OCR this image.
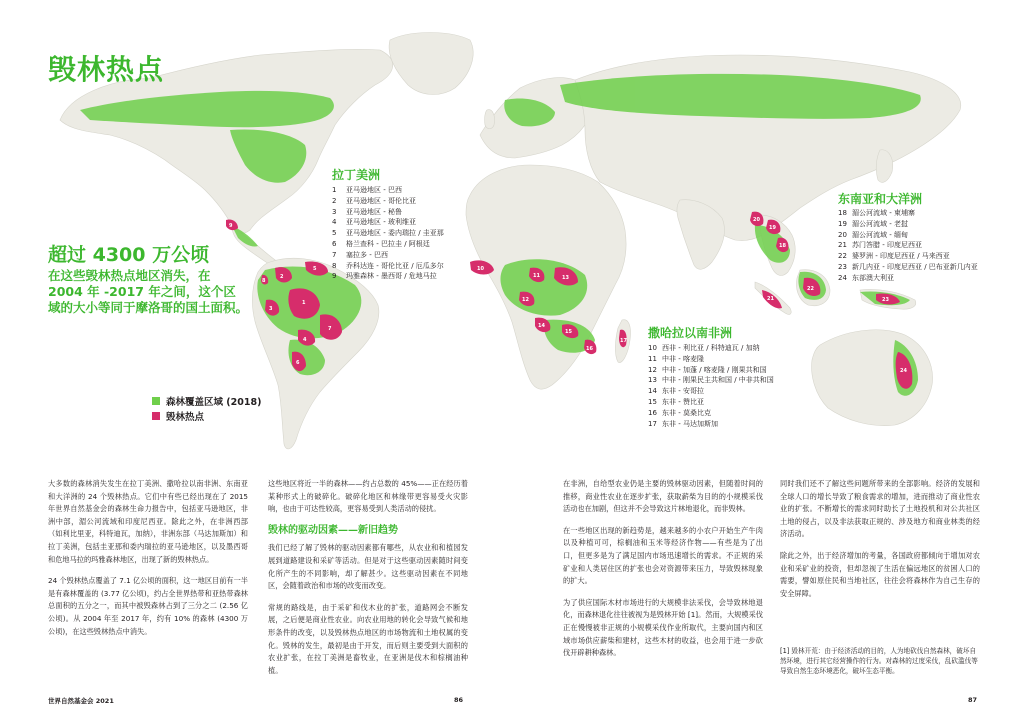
1
2
3
4
5
6
7
8
9
10
11
12
13
14
15
16
17
18
19
20
21
22
23
24
毁林热点
超过 4300 万公顷
在这些毁林热点地区消失，在 2004 年 -2017 年之间，这个区域的大小等同于摩洛哥的国土面积。
拉丁美洲
1 亚马逊地区 - 巴西
2 亚马逊地区 - 哥伦比亚
3 亚马逊地区 - 秘鲁
4 亚马逊地区 - 玻利维亚
5 亚马逊地区 - 委内瑞拉 / 圭亚那
6 格兰查科 - 巴拉圭 / 阿根廷
7 塞拉多 - 巴西
8 乔科达连 - 哥伦比亚 / 厄瓜多尔
9 玛雅森林 - 墨西哥 / 危地马拉
撒哈拉以南非洲
10 西非 - 利比亚 / 科特迪瓦 / 加纳
11 中非 - 喀麦隆
12 中非 - 加蓬 / 喀麦隆 / 刚果共和国
13 中非 - 刚果民主共和国 / 中非共和国
14 东非 - 安哥拉
15 东非 - 赞比亚
16 东非 - 莫桑比克
17 东非 - 马达加斯加
东南亚和大洋洲
18 湄公河流域 - 柬埔寨
19 湄公河流域 - 老挝
20 湄公河流域 - 缅甸
21 苏门答腊 - 印度尼西亚
22 婆罗洲 - 印度尼西亚 / 马来西亚
23 新几内亚 - 印度尼西亚 / 巴布亚新几内亚
24 东部澳大利亚
森林覆盖区域 (2018)
毁林热点

大多数的森林消失发生在拉丁美洲、撒哈拉以南非洲、东南亚和大洋洲的 24 个毁林热点。它们中有些已经出现在了 2015 年世界自然基金会的森林生命力报告中，包括亚马逊地区，非洲中部，湄公河流域和印度尼西亚。除此之外，在非洲西部（如利比里亚，科特迪瓦，加纳），非洲东部（马达加斯加）和拉丁美洲，包括圭亚那和委内瑞拉的亚马逊地区，以及墨西哥和危地马拉的玛雅森林地区，出现了新的毁林热点。

24 个毁林热点覆盖了 7.1 亿公顷的面积，这一地区目前有一半是有森林覆盖的 (3.77 亿公顷)，约占全世界热带和亚热带森林总面积的五分之一，而其中被毁森林占到了三分之二 (2.56 亿公顷)。从 2004 年至 2017 年，约有 10% 的森林 (4300 万公顷)，在这些毁林热点中消失。

这些地区将近一半的森林——约占总数的 45%——正在经历着某种形式上的破碎化。破碎化地区和林缘带更容易受火灾影响，也由于可达性较高，更容易受到人类活动的侵扰。

毁林的驱动因素——新旧趋势

我们已经了解了毁林的驱动因素都有哪些，从农业和和植园发展到道路建设和采矿等活动。但是对于这些驱动因素随时间变化所产生的不同影响，却了解甚少。这些驱动因素在不同地区，会随着政治和市场的改变而改变。

常规的路线是，由于采矿和伐木业的扩张，道路网会不断发展，之后便是商业性农业。向农业用地的转化会导致气候和地形条件的改变，以及毁林热点地区的市场物流和土地权属的变化。毁林的发生，最初是由于开发，而后则主要受到大面积的农业扩张，在拉丁美洲是畜牧业，在亚洲是伐木和棕榈油种植。

在非洲，自给型农业仍是主要的毁林驱动因素，但随着时间的推移，商业性农业在逐步扩张，获取薪柴为目的的小规模采伐活动也在加剧，但这并不会导致这片林地退化，而非毁林。

在一些地区出现的新趋势是，越来越多的小农户开始生产牛肉以及种植可可，棕榈油和玉米等经济作物——有些是为了出口，但更多是为了满足国内市场迅速增长的需求。不正规的采矿业和人类居住区的扩张也会对资源带来压力，导致毁林现象的扩大。

为了供应国际木材市场进行的大规模非法采伐，会导致林地退化，而森林退化往往被视为是毁林开始 [1]。然而，大规模采伐正在慢慢被非正规的小规模采伐作业所取代，主要向国内和区域市场供应薪柴和建材，这些木材的收益，也会用于进一步砍伐开辟耕种森林。

同时我们还不了解这些问题所带来的全部影响。经济的发展和全球人口的增长导致了粮食需求的增加，进而推动了商业性农业的扩张。不断增长的需求同时助长了土地投机和对公共社区土地的侵占，以及非法获取正规的、涉及地方和商业林类的经济活动。

除此之外，出于经济增加的考量，各国政府都倾向于增加对农业和采矿业的投资，但却忽视了生活在偏远地区的贫困人口的需要，譬如原住民和当地社区，往往会将森林作为自己生存的安全屏障。

[1] 毁林开荒：由于经济活动的目的，人为地砍伐自然森林，破坏自然环境，进行其它经营操作的行为。对森林的过度采伐，乱砍滥伐等导致自然生态环境恶化，破坏生态平衡。
世界自然基金会 2021	86	87
